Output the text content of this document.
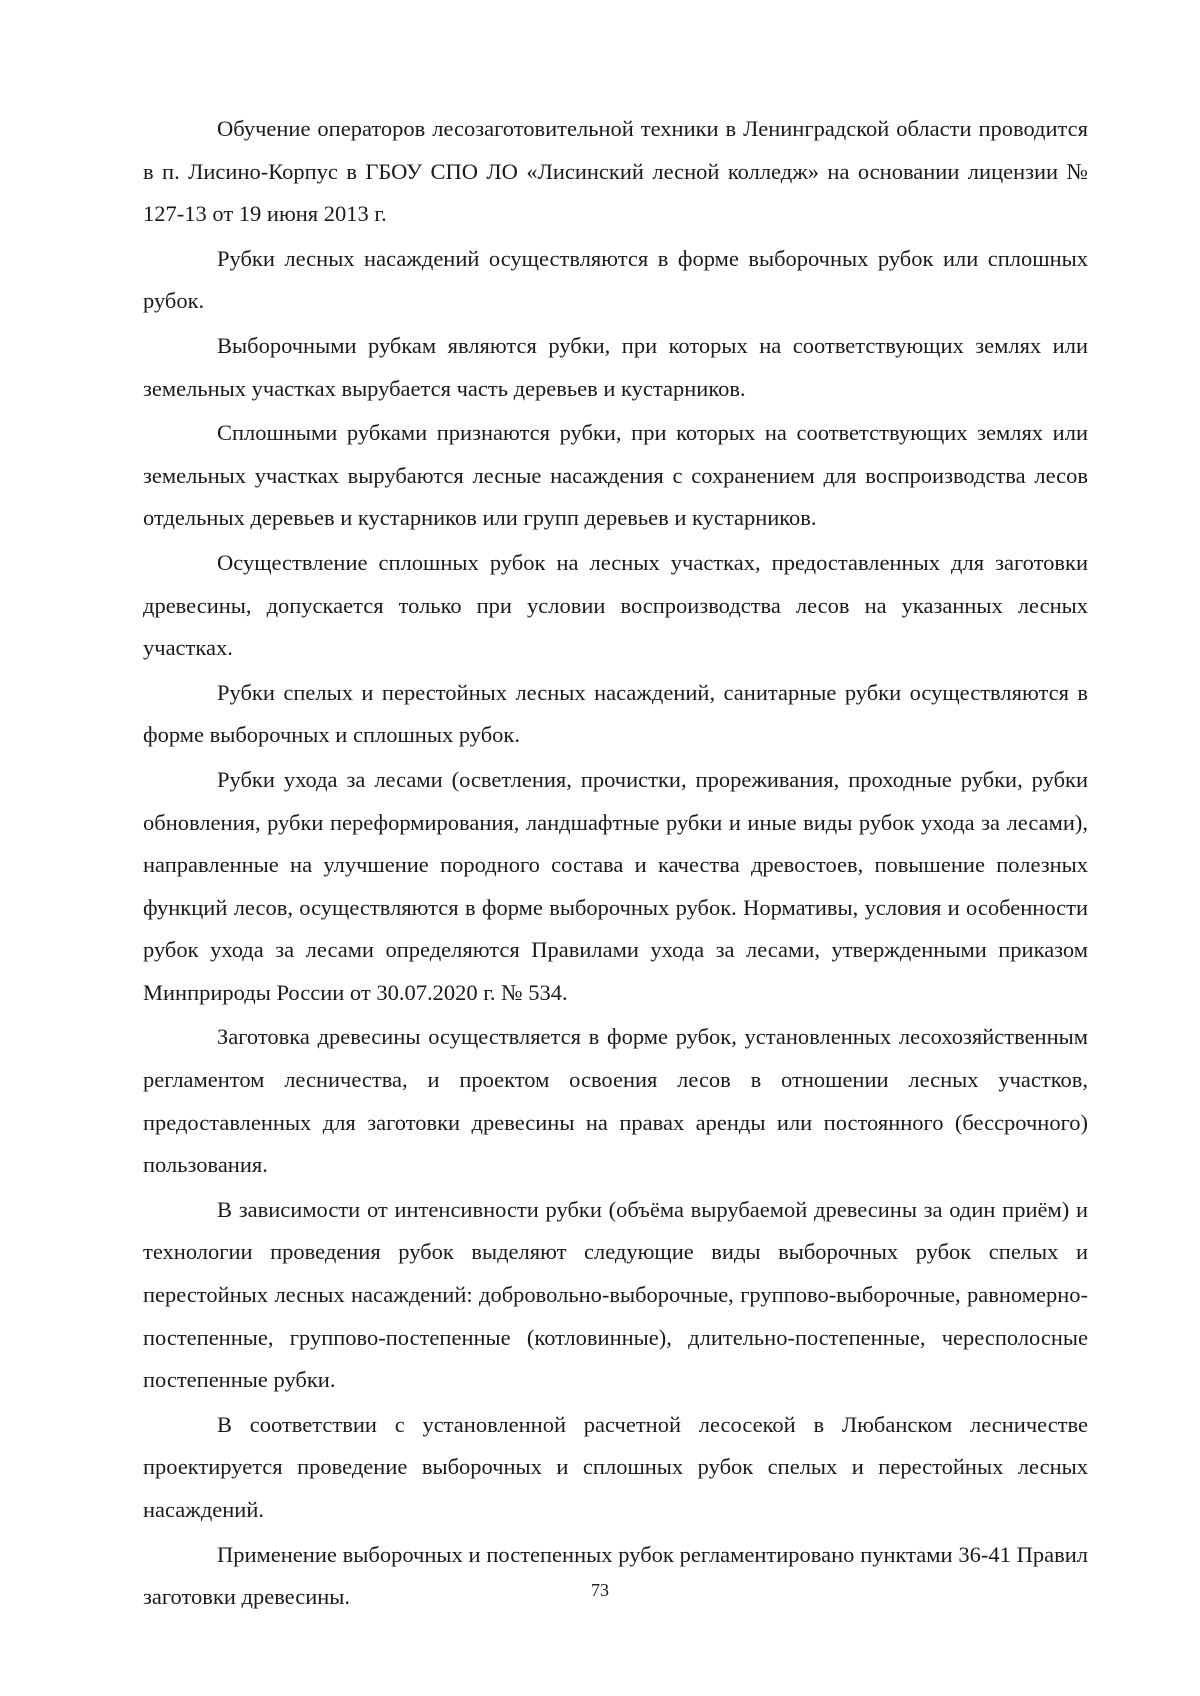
Обучение операторов лесозаготовительной техники в Ленинградской области проводится в п. Лисино-Корпус в ГБОУ СПО ЛО «Лисинский лесной колледж» на основании лицензии № 127-13 от 19 июня 2013 г.

Рубки лесных насаждений осуществляются в форме выборочных рубок или сплошных рубок.

Выборочными рубкам являются рубки, при которых на соответствующих землях или земельных участках вырубается часть деревьев и кустарников.

Сплошными рубками признаются рубки, при которых на соответствующих землях или земельных участках вырубаются лесные насаждения с сохранением для воспроизводства лесов отдельных деревьев и кустарников или групп деревьев и кустарников.

Осуществление сплошных рубок на лесных участках, предоставленных для заготовки древесины, допускается только при условии воспроизводства лесов на указанных лесных участках.

Рубки спелых и перестойных лесных насаждений, санитарные рубки осуществляются в форме выборочных и сплошных рубок.

Рубки ухода за лесами (осветления, прочистки, прореживания, проходные рубки, рубки обновления, рубки переформирования, ландшафтные рубки и иные виды рубок ухода за лесами), направленные на улучшение породного состава и качества древостоев, повышение полезных функций лесов, осуществляются в форме выборочных рубок. Нормативы, условия и особенности рубок ухода за лесами определяются Правилами ухода за лесами, утвержденными приказом Минприроды России от 30.07.2020 г. № 534.

Заготовка древесины осуществляется в форме рубок, установленных лесохозяйственным регламентом лесничества, и проектом освоения лесов в отношении лесных участков, предоставленных для заготовки древесины на правах аренды или постоянного (бессрочного) пользования.

В зависимости от интенсивности рубки (объёма вырубаемой древесины за один приём) и технологии проведения рубок выделяют следующие виды выборочных рубок спелых и перестойных лесных насаждений: добровольно-выборочные, группово-выборочные, равномерно-постепенные, группово-постепенные (котловинные), длительно-постепенные, чересполосные постепенные рубки.

В соответствии с установленной расчетной лесосекой в Любанском лесничестве проектируется проведение выборочных и сплошных рубок спелых и перестойных лесных насаждений.

Применение выборочных и постепенных рубок регламентировано пунктами 36-41 Правил заготовки древесины.	73
